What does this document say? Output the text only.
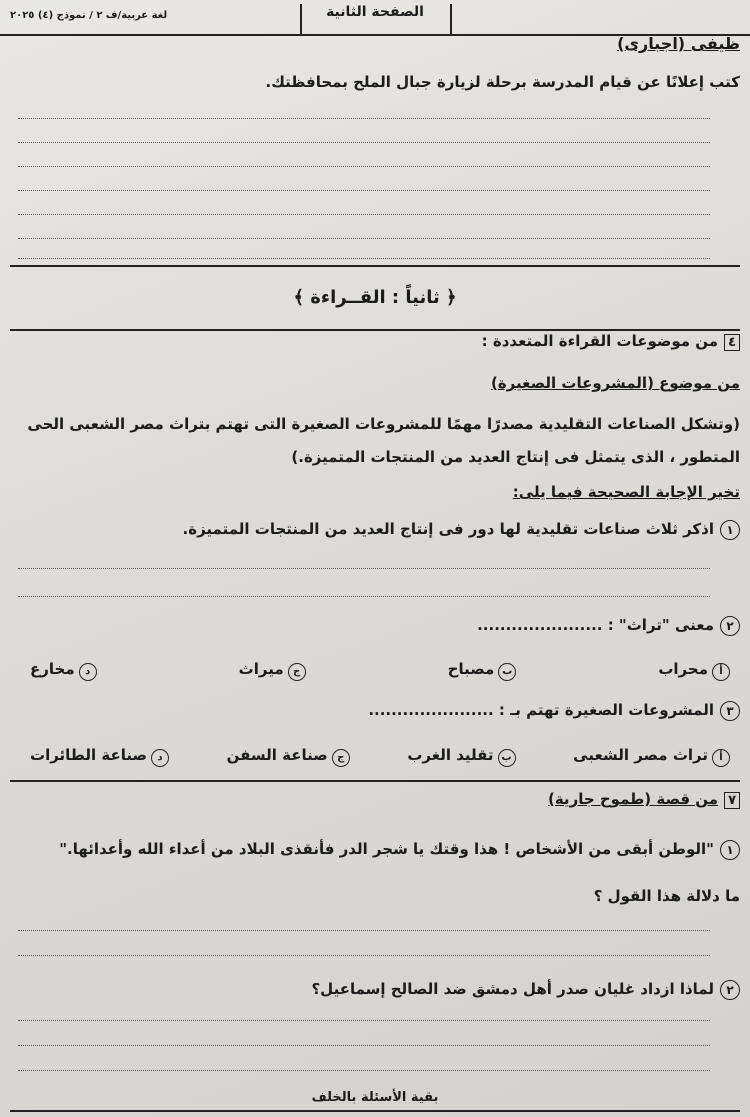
الصفحة الثانية
لغة عربية/ف ٢ / نموذج (٤) ٢٠٢٥
ظيفى (اجبارى)
كتب إعلانًا عن قيام المدرسة برحلة لزيارة جبال الملح بمحافظتك.
﴿ ثانياً : القــراءة ﴾
٤من موضوعات القراءة المتعددة :
من موضوع (المشروعات الصغيرة)
(وتشكل الصناعات التقليدية مصدرًا مهمًا للمشروعات الصغيرة التى تهتم بتراث مصر الشعبى الحى
المتطور ، الذى يتمثل فى إنتاج العديد من المنتجات المتميزة.)
تخير الإجابة الصحيحة فيما يلى:
١اذكر ثلاث صناعات تقليدية لها دور فى إنتاج العديد من المنتجات المتميزة.
٢معنى "تراث" : ......................
أمحراب
بمصباح
جميراث
دمخارع
٣المشروعات الصغيرة تهتم بـ : ......................
أتراث مصر الشعبى
بتقليد الغرب
جصناعة السفن
دصناعة الطائرات
٧من قصة (طموح جارية)
١"الوطن أبقى من الأشخاص ! هذا وقتك يا شجر الدر فأنقذى البلاد من أعداء الله وأعدائها."
ما دلالة هذا القول ؟
٢لماذا ازداد غليان صدر أهل دمشق ضد الصالح إسماعيل؟
بقية الأسئلة بالخلف
